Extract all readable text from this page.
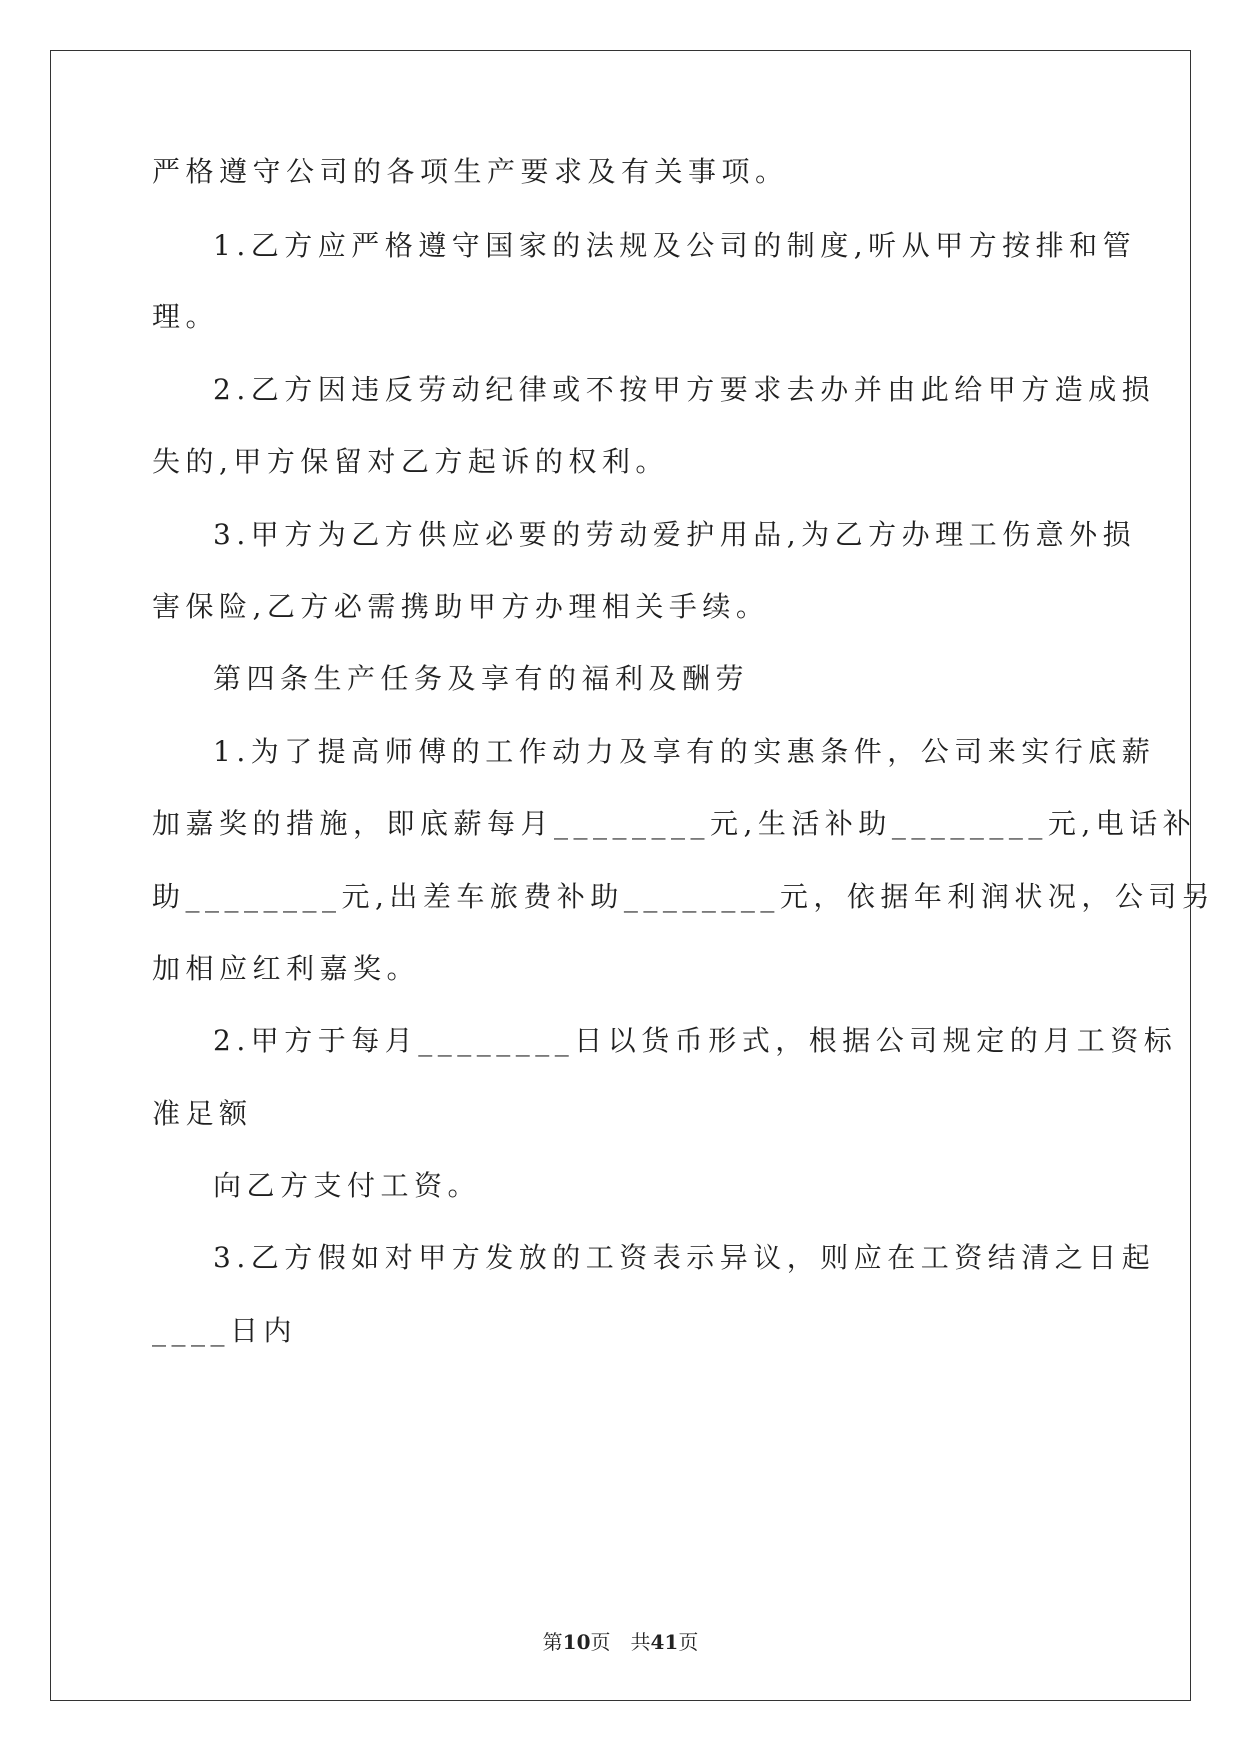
严格遵守公司的各项生产要求及有关事项。
1.乙方应严格遵守国家的法规及公司的制度,听从甲方按排和管
理。
2.乙方因违反劳动纪律或不按甲方要求去办并由此给甲方造成损
失的,甲方保留对乙方起诉的权利。
3.甲方为乙方供应必要的劳动爱护用品,为乙方办理工伤意外损
害保险,乙方必需携助甲方办理相关手续。
第四条生产任务及享有的福利及酬劳
1.为了提高师傅的工作动力及享有的实惠条件，公司来实行底薪
加嘉奖的措施，即底薪每月________元,生活补助________元,电话补
助________元,出差车旅费补助________元，依据年利润状况，公司另
加相应红利嘉奖。
2.甲方于每月________日以货币形式，根据公司规定的月工资标
准足额
向乙方支付工资。
3.乙方假如对甲方发放的工资表示异议，则应在工资结清之日起
____日内
第10页　共41页
